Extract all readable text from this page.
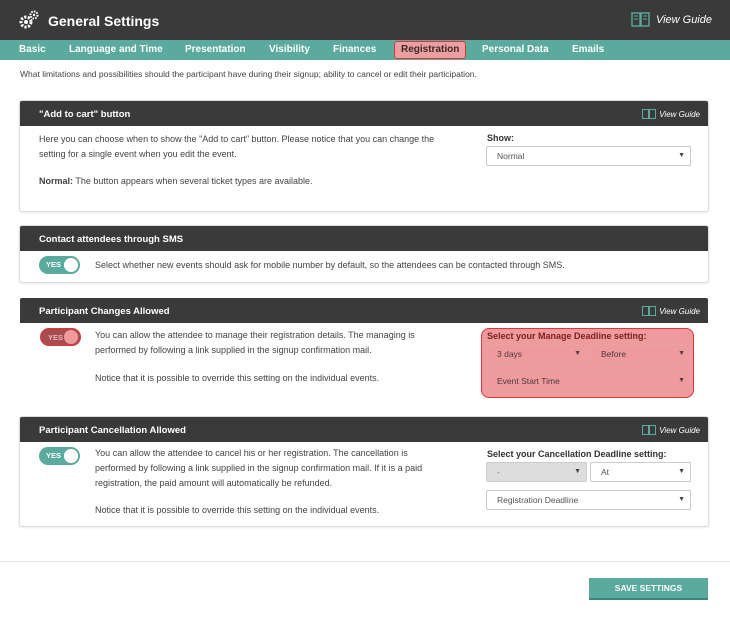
General Settings	View Guide
Basic Language and Time Presentation Visibility Finances	Registration	Personal Data Emails
What limitations and possibilities should the participant have during their signup; ability to cancel or edit their participation.
"Add to cart" button	View Guide
Here you can choose when to show the "Add to cart" button. Please notice that you can change the
setting for a single event when you edit the event.
Normal: The button appears when several ticket types are available.
Show:
Normal	▼
Contact attendees through SMS
YES	Select whether new events should ask for mobile number by default, so the attendees can be contacted through SMS.
Participant Changes Allowed	View Guide
YES	You can allow the attendee to manage their registration details. The managing is
performed by following a link supplied in the signup confirmation mail.
Notice that it is possible to override this setting on the individual events.
Select your Manage Deadline setting:
3 days	▼	Before	▼
Event Start Time	▼
Participant Cancellation Allowed	View Guide
YES	You can allow the attendee to cancel his or her registration. The cancellation is
performed by following a link supplied in the signup confirmation mail. If it is a paid
registration, the paid amount will automatically be refunded.
Notice that it is possible to override this setting on the individual events.
Select your Cancellation Deadline setting:
-	▼	At	▼
Registration Deadline	▼
SAVE SETTINGS
